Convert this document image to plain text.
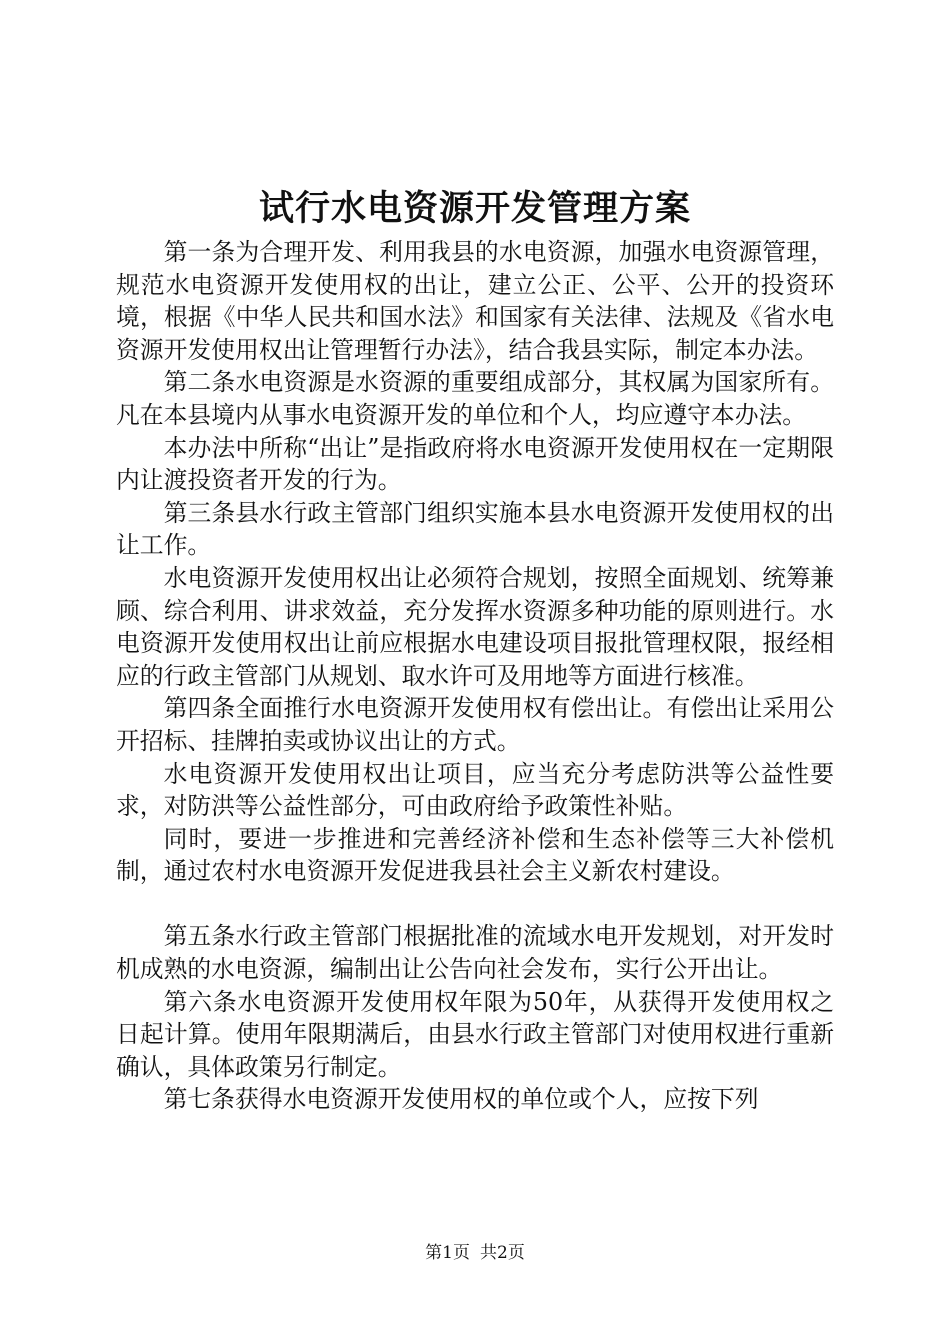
试行水电资源开发管理方案

第一条为合理开发、利用我县的水电资源，加强水电资源管理，规范水电资源开发使用权的出让，建立公正、公平、公开的投资环境，根据《中华人民共和国水法》和国家有关法律、法规及《省水电资源开发使用权出让管理暂行办法》，结合我县实际，制定本办法。

第二条水电资源是水资源的重要组成部分，其权属为国家所有。凡在本县境内从事水电资源开发的单位和个人，均应遵守本办法。

本办法中所称“出让”是指政府将水电资源开发使用权在一定期限内让渡投资者开发的行为。

第三条县水行政主管部门组织实施本县水电资源开发使用权的出让工作。

水电资源开发使用权出让必须符合规划，按照全面规划、统筹兼顾、综合利用、讲求效益，充分发挥水资源多种功能的原则进行。水电资源开发使用权出让前应根据水电建设项目报批管理权限，报经相应的行政主管部门从规划、取水许可及用地等方面进行核准。

第四条全面推行水电资源开发使用权有偿出让。有偿出让采用公开招标、挂牌拍卖或协议出让的方式。

水电资源开发使用权出让项目，应当充分考虑防洪等公益性要求，对防洪等公益性部分，可由政府给予政策性补贴。

同时，要进一步推进和完善经济补偿和生态补偿等三大补偿机制，通过农村水电资源开发促进我县社会主义新农村建设。

第五条水行政主管部门根据批准的流域水电开发规划，对开发时机成熟的水电资源，编制出让公告向社会发布，实行公开出让。

第六条水电资源开发使用权年限为50年，从获得开发使用权之日起计算。使用年限期满后，由县水行政主管部门对使用权进行重新确认，具体政策另行制定。

第七条获得水电资源开发使用权的单位或个人，应按下列

第1页 共2页
